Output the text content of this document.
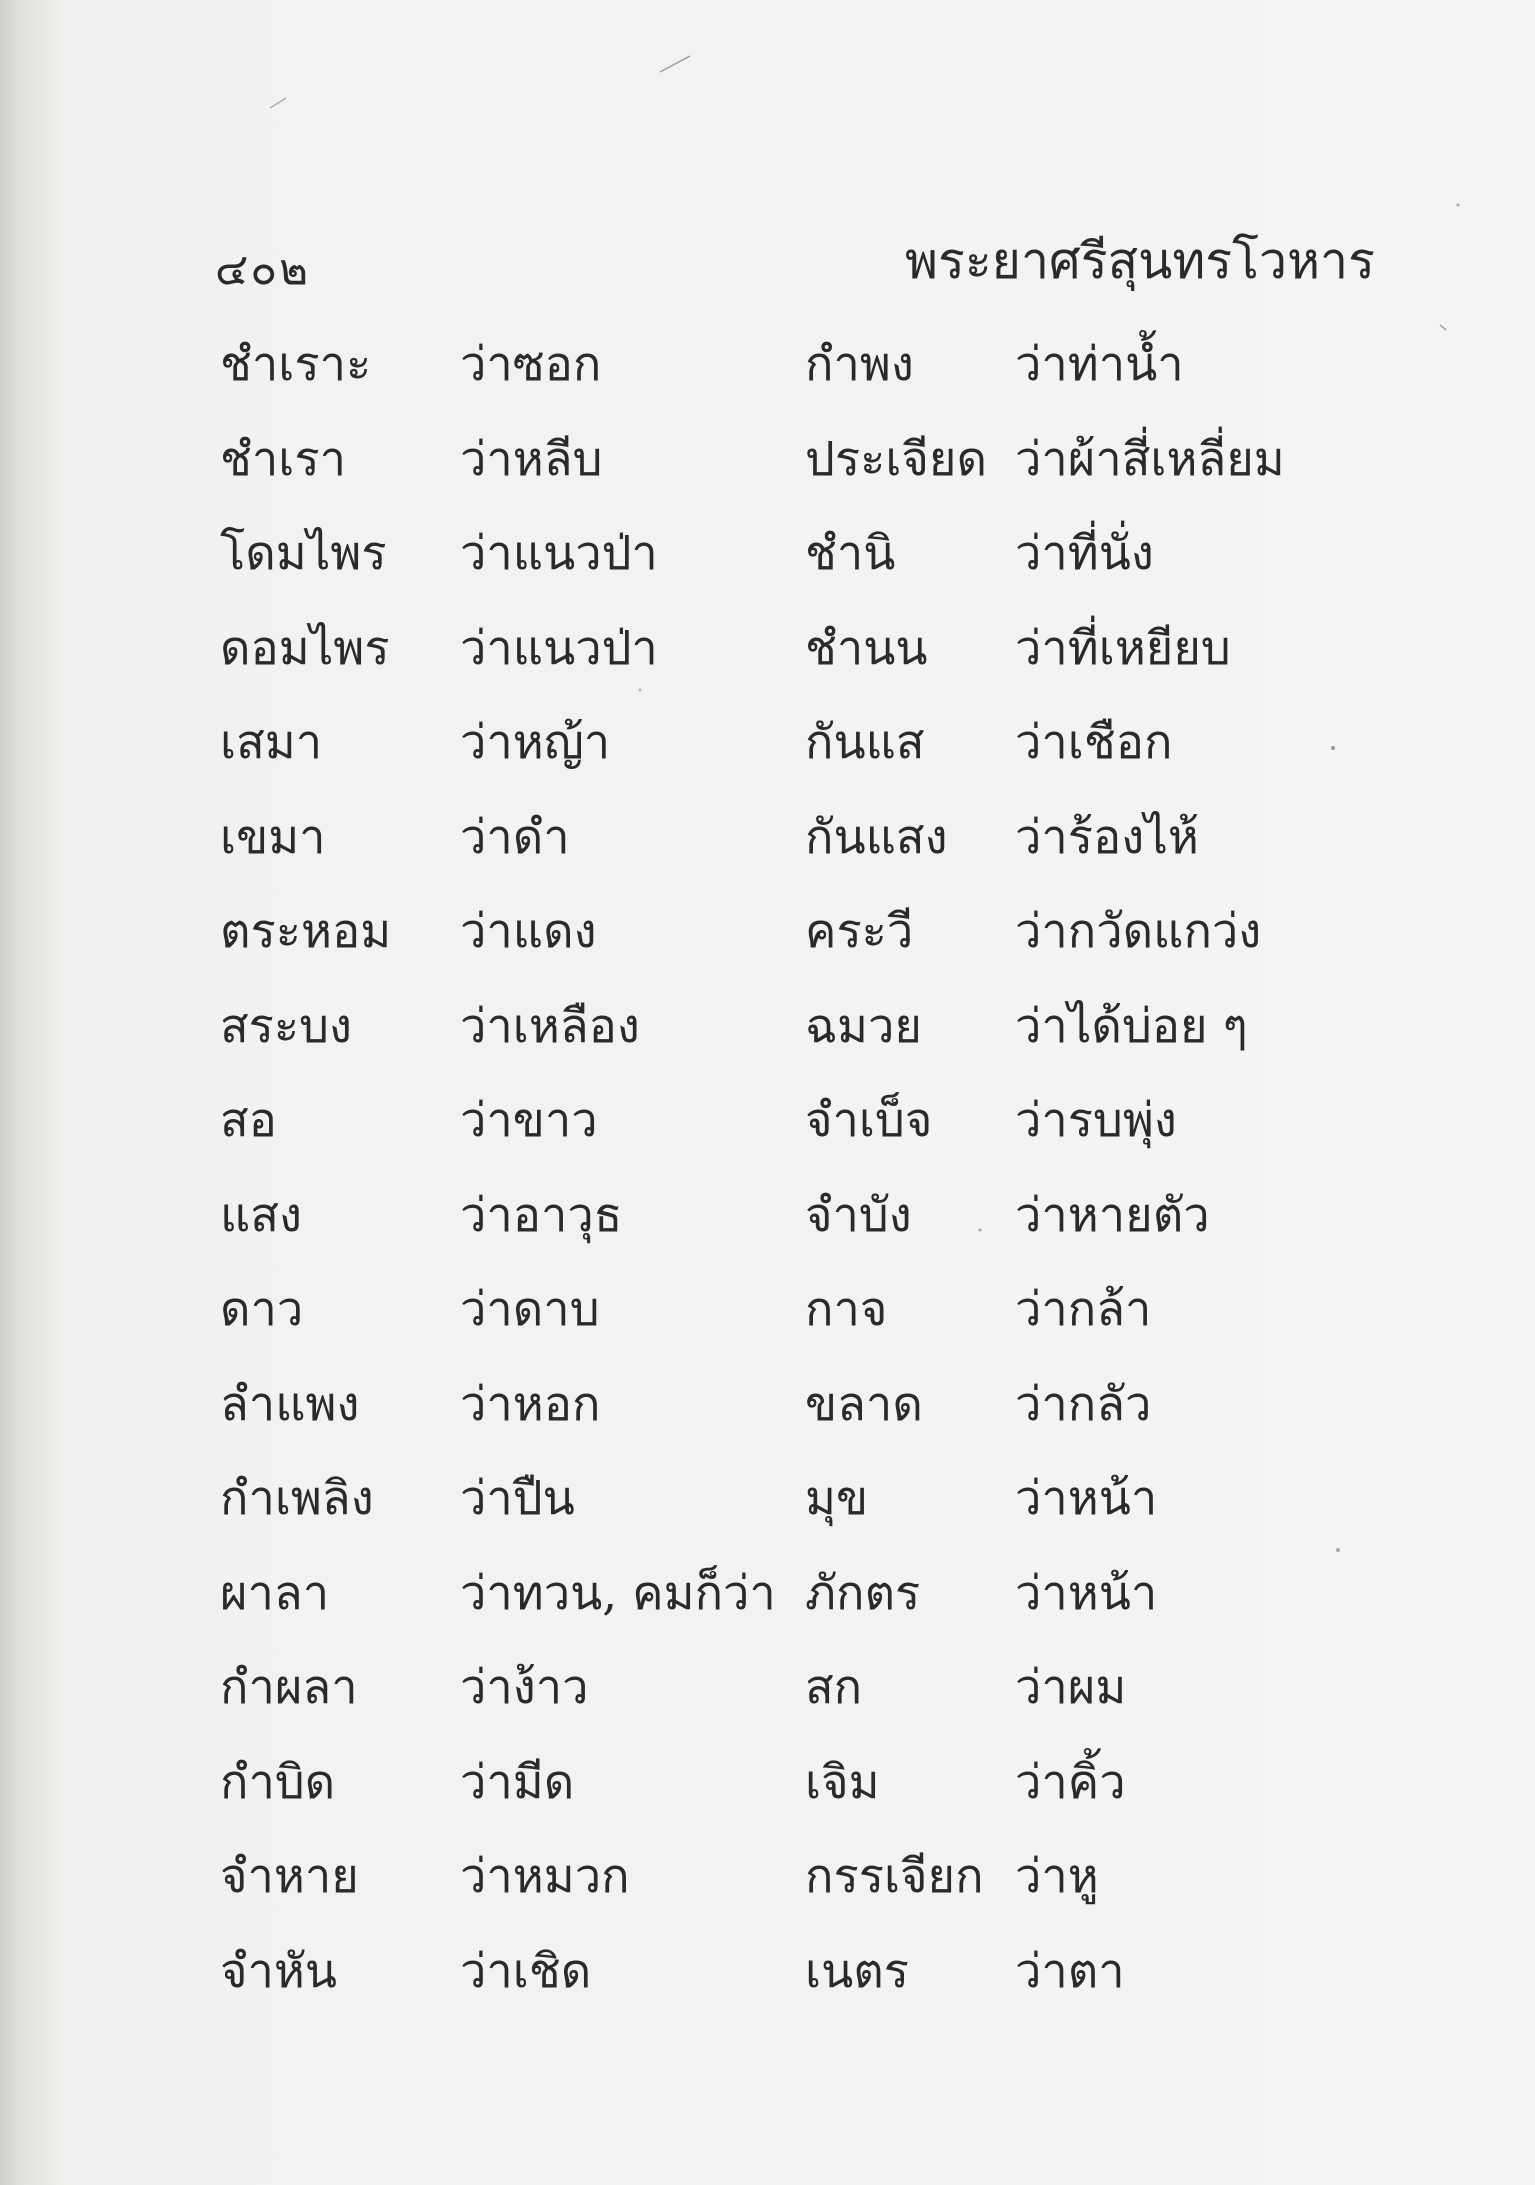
๔๐๒	พระยาศรีสุนทรโวหาร
ชำเราะ ว่าซอก	กำพง ว่าท่าน้ำ
ชำเรา ว่าหลีบ	ประเจียด ว่าผ้าสี่เหลี่ยม
โดมไพร ว่าแนวป่า	ชำนิ	ว่าที่นั่ง
ดอมไพร ว่าแนวป่า	ชำนน ว่าที่เหยียบ
เสมา	ว่าหญ้า	กันแส ว่าเชือก
เขมา	ว่าดำ	กันแสง ว่าร้องไห้
ตระหอม ว่าแดง	คระวี ว่ากวัดแกว่ง
สระบง ว่าเหลือง	ฉมวย ว่าได้บ่อย ๆ
สอ	ว่าขาว	จำเบ็จ ว่ารบพุ่ง
แสง	ว่าอาวุธ	จำบัง ว่าหายตัว
ดาว	ว่าดาบ	กาจ	ว่ากล้า
ลำแพง ว่าหอก	ขลาด ว่ากลัว
กำเพลิง ว่าปืน	มุข	ว่าหน้า
ผาลา	ว่าทวน, คมก็ว่า ภักตร ว่าหน้า
กำผลา ว่าง้าว	สก	ว่าผม
กำบิด	ว่ามีด	เจิม	ว่าคิ้ว
จำหาย ว่าหมวก	กรรเจียก ว่าหู
จำหัน	ว่าเชิด	เนตร ว่าตา
